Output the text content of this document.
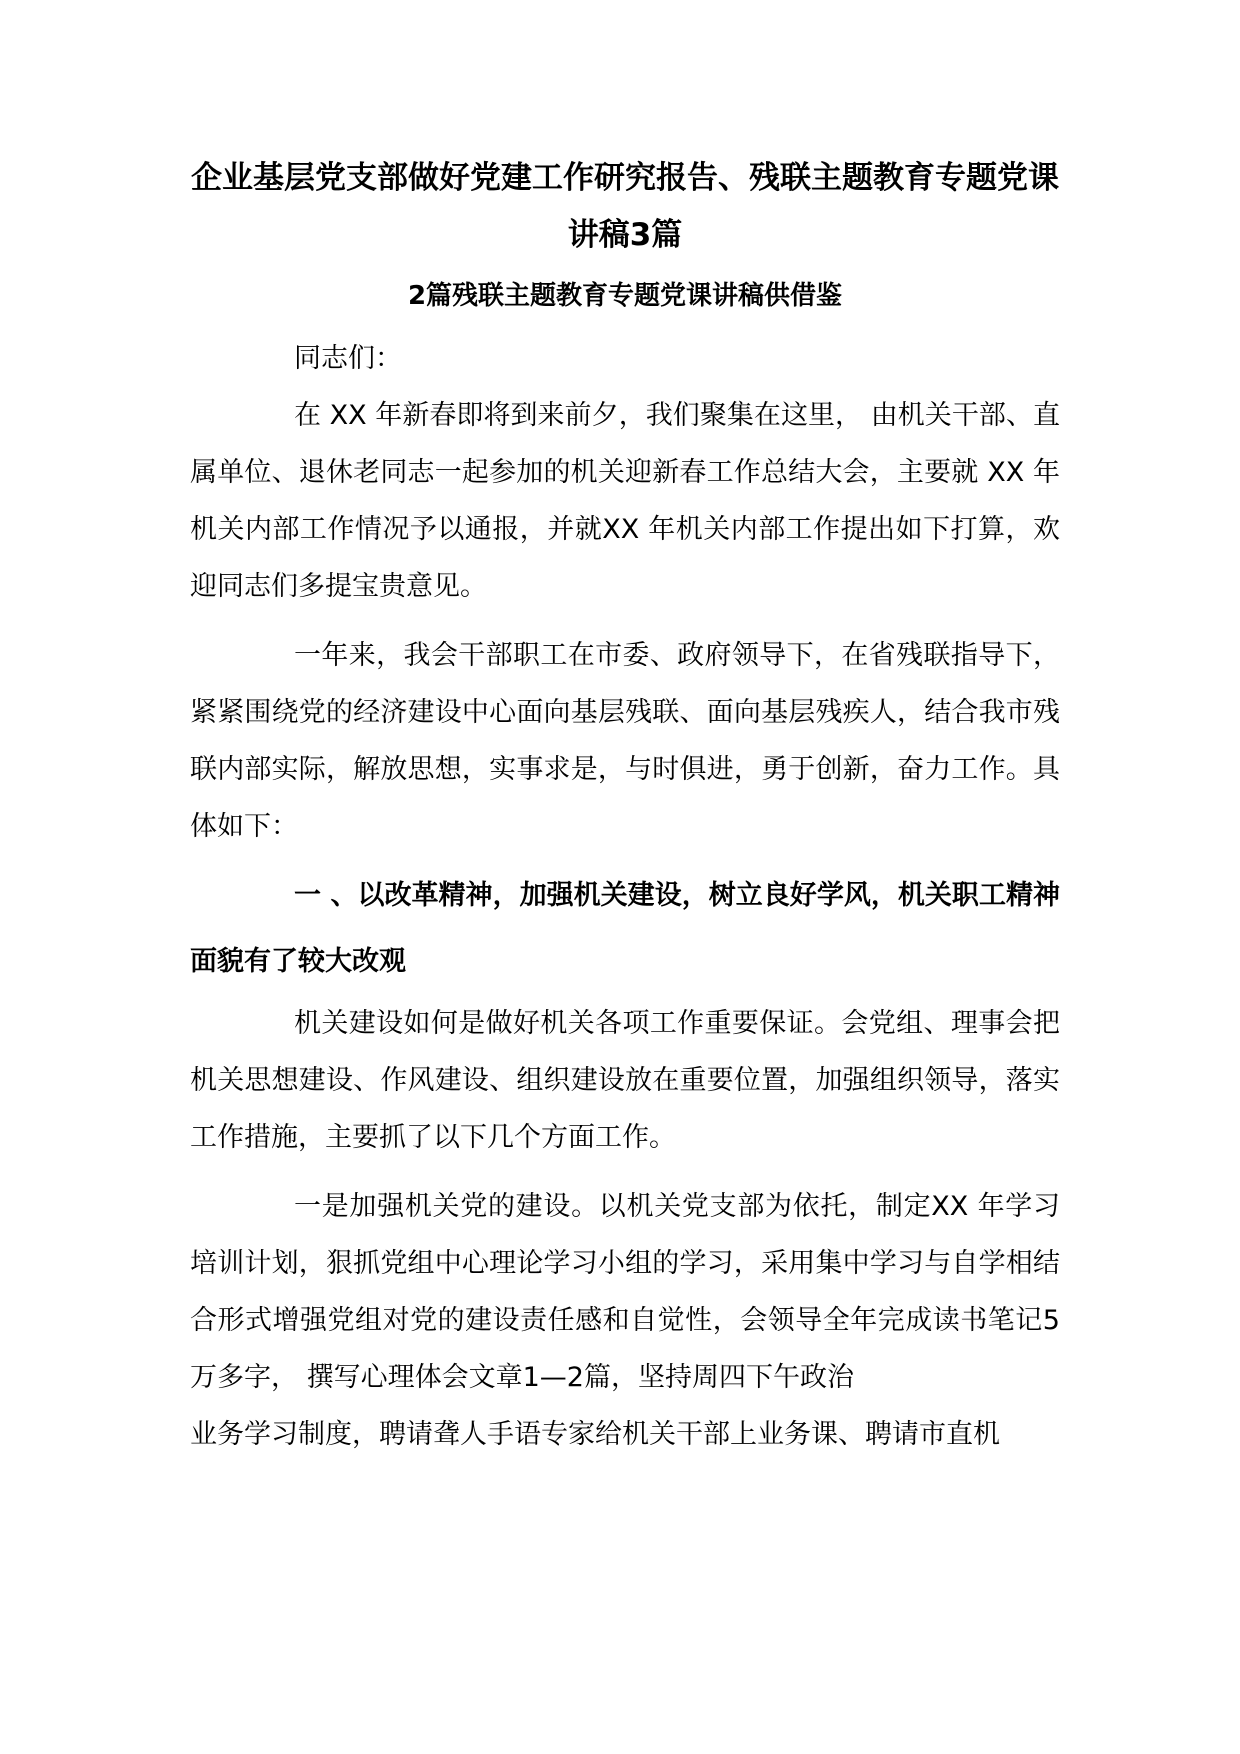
企业基层党支部做好党建工作研究报告、残联主题教育专题党课讲稿3篇
2篇残联主题教育专题党课讲稿供借鉴

同志们：

在 XX 年新春即将到来前夕，我们聚集在这里， 由机关干部、直属单位、退休老同志一起参加的机关迎新春工作总结大会，主要就 XX 年机关内部工作情况予以通报，并就XX 年机关内部工作提出如下打算，欢迎同志们多提宝贵意见。

一年来，我会干部职工在市委、政府领导下，在省残联指导下，紧紧围绕党的经济建设中心面向基层残联、面向基层残疾人，结合我市残联内部实际，解放思想，实事求是，与时俱进，勇于创新，奋力工作。具体如下：

一 、以改革精神，加强机关建设，树立良好学风，机关职工精神面貌有了较大改观

机关建设如何是做好机关各项工作重要保证。会党组、理事会把机关思想建设、作风建设、组织建设放在重要位置，加强组织领导，落实工作措施，主要抓了以下几个方面工作。

一是加强机关党的建设。以机关党支部为依托，制定XX 年学习培训计划，狠抓党组中心理论学习小组的学习，采用集中学习与自学相结合形式增强党组对党的建设责任感和自觉性，会领导全年完成读书笔记5万多字， 撰写心理体会文章1—2篇，坚持周四下午政治

业务学习制度，聘请聋人手语专家给机关干部上业务课、聘请市直机
